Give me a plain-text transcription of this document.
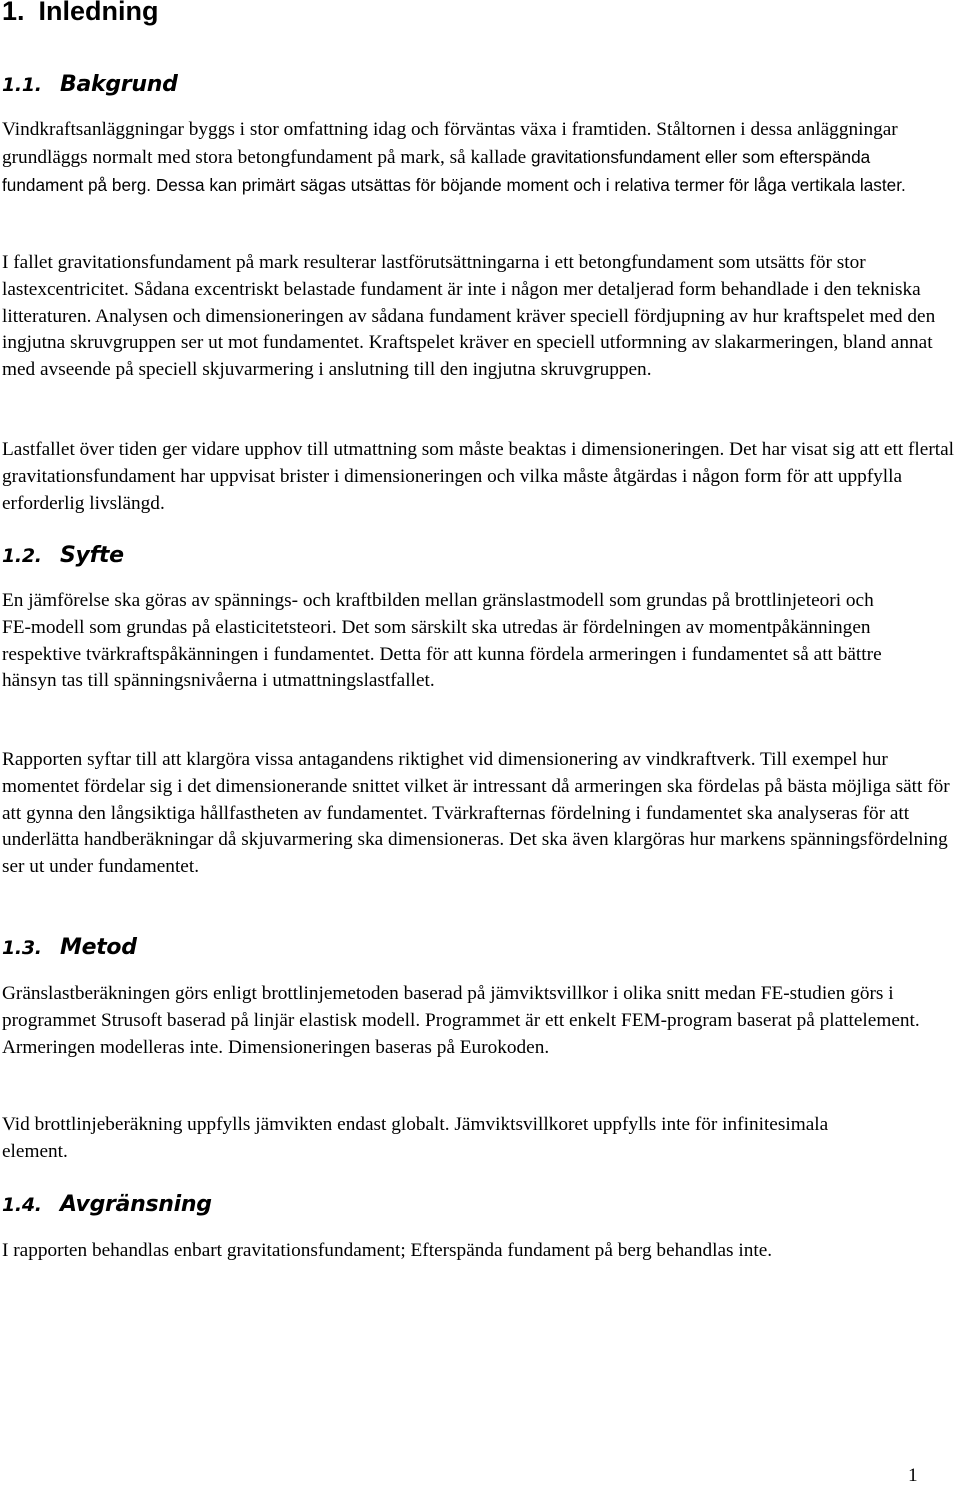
1. Inledning
1.1. Bakgrund

Vindkraftsanläggningar byggs i stor omfattning idag och förväntas växa i framtiden. Ståltornen i dessa anläggningar grundläggs normalt med stora betongfundament på mark, så kallade gravitationsfundament eller som efterspända fundament på berg. Dessa kan primärt sägas utsättas för böjande moment och i relativa termer för låga vertikala laster.

I fallet gravitationsfundament på mark resulterar lastförutsättningarna i ett betongfundament som utsätts för stor lastexcentricitet. Sådana excentriskt belastade fundament är inte i någon mer detaljerad form behandlade i den tekniska litteraturen. Analysen och dimensioneringen av sådana fundament kräver speciell fördjupning av hur kraftspelet med den ingjutna skruvgruppen ser ut mot fundamentet. Kraftspelet kräver en speciell utformning av slakarmeringen, bland annat med avseende på speciell skjuvarmering i anslutning till den ingjutna skruvgruppen.

Lastfallet över tiden ger vidare upphov till utmattning som måste beaktas i dimensioneringen. Det har visat sig att ett flertal gravitationsfundament har uppvisat brister i dimensioneringen och vilka måste åtgärdas i någon form för att uppfylla erforderlig livslängd.

1.2. Syfte

En jämförelse ska göras av spännings- och kraftbilden mellan gränslastmodell som grundas på brottlinjeteori och FE-modell som grundas på elasticitetsteori. Det som särskilt ska utredas är fördelningen av momentpåkänningen respektive tvärkraftspåkänningen i fundamentet. Detta för att kunna fördela armeringen i fundamentet så att bättre hänsyn tas till spänningsnivåerna i utmattningslastfallet.

Rapporten syftar till att klargöra vissa antagandens riktighet vid dimensionering av vindkraftverk. Till exempel hur momentet fördelar sig i det dimensionerande snittet vilket är intressant då armeringen ska fördelas på bästa möjliga sätt för att gynna den långsiktiga hållfastheten av fundamentet. Tvärkrafternas fördelning i fundamentet ska analyseras för att underlätta handberäkningar då skjuvarmering ska dimensioneras. Det ska även klargöras hur markens spänningsfördelning ser ut under fundamentet.

1.3. Metod

Gränslastberäkningen görs enligt brottlinjemetoden baserad på jämviktsvillkor i olika snitt medan FE-studien görs i programmet Strusoft baserad på linjär elastisk modell. Programmet är ett enkelt FEM-program baserat på plattelement. Armeringen modelleras inte. Dimensioneringen baseras på Eurokoden.

Vid brottlinjeberäkning uppfylls jämvikten endast globalt. Jämviktsvillkoret uppfylls inte för infinitesimala element.

1.4. Avgränsning

I rapporten behandlas enbart gravitationsfundament; Efterspända fundament på berg behandlas inte.

1
